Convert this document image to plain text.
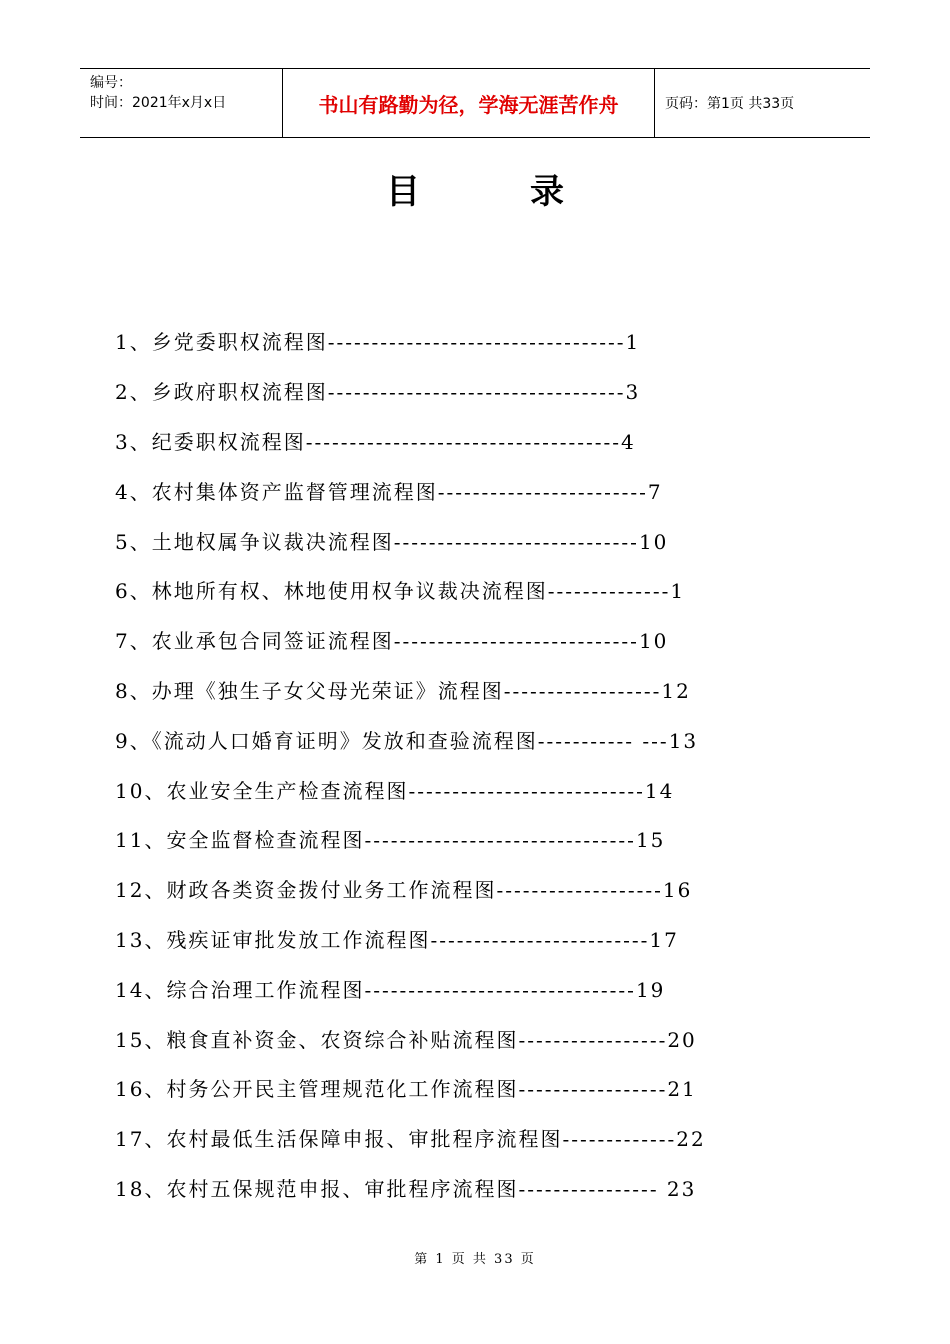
编号：
时间：2021年x月x日	书山有路勤为径，学海无涯苦作舟	页码：第1页 共33页
目录
1、乡党委职权流程图----------------------------------1
2、乡政府职权流程图----------------------------------3
3、纪委职权流程图------------------------------------4
4、农村集体资产监督管理流程图------------------------7
5、土地权属争议裁决流程图----------------------------10
6、林地所有权、林地使用权争议裁决流程图--------------1
7、农业承包合同签证流程图----------------------------10
8、办理《独生子女父母光荣证》流程图------------------12
9、《流动人口婚育证明》发放和查验流程图----------- ---13
10、农业安全生产检查流程图---------------------------14
11、安全监督检查流程图-------------------------------15
12、财政各类资金拨付业务工作流程图-------------------16
13、残疾证审批发放工作流程图-------------------------17
14、综合治理工作流程图-------------------------------19
15、粮食直补资金、农资综合补贴流程图-----------------20
16、村务公开民主管理规范化工作流程图-----------------21
17、农村最低生活保障申报、审批程序流程图-------------22
18、农村五保规范申报、审批程序流程图---------------- 23
第 1 页 共 33 页
